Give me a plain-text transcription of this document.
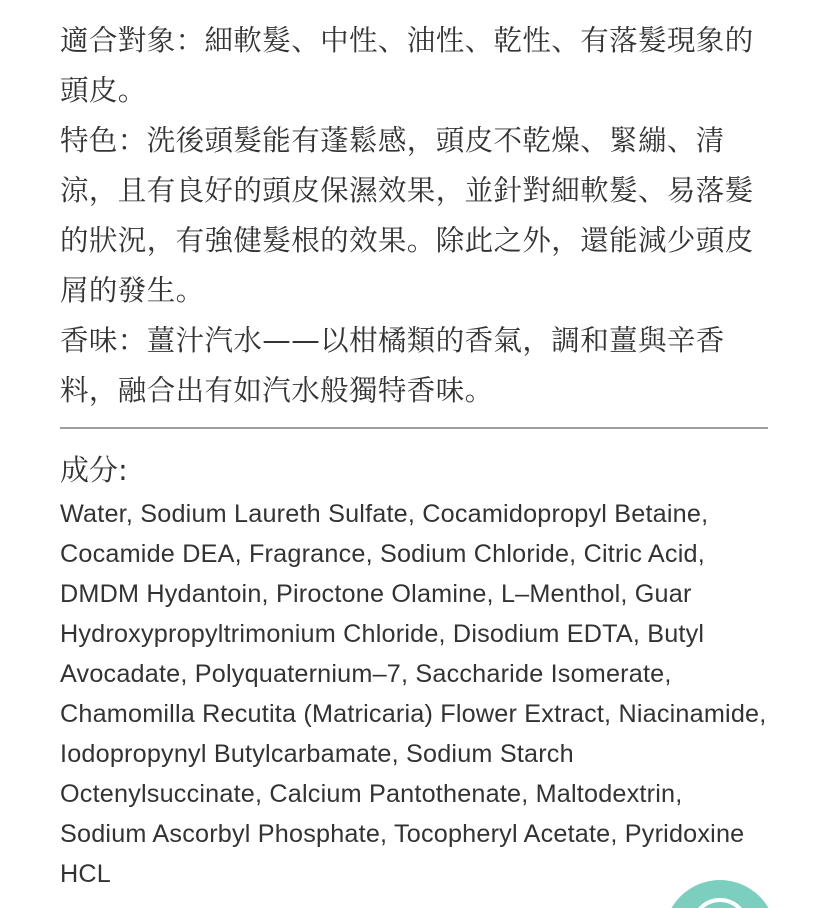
適合對象：細軟髮、中性、油性、乾性、有落髮現象的頭皮。

特色：洗後頭髮能有蓬鬆感，頭皮不乾燥、緊繃、清涼，且有良好的頭皮保濕效果，並針對細軟髮、易落髮的狀況，有強健髮根的效果。除此之外，還能減少頭皮屑的發生。

香味：薑汁汽水——以柑橘類的香氣，調和薑與辛香料，融合出有如汽水般獨特香味。

成分:

Water, Sodium Laureth Sulfate, Cocamidopropyl Betaine, Cocamide DEA, Fragrance, Sodium Chloride, Citric Acid, DMDM Hydantoin, Piroctone Olamine, L–Menthol, Guar Hydroxypropyltrimonium Chloride, Disodium EDTA, Butyl Avocadate, Polyquaternium–7, Saccharide Isomerate, Chamomilla Recutita (Matricaria) Flower Extract, Niacinamide, Iodopropynyl Butylcarbamate, Sodium Starch Octenylsuccinate, Calcium Pantothenate, Maltodextrin, Sodium Ascorbyl Phosphate, Tocopheryl Acetate, Pyridoxine HCL
